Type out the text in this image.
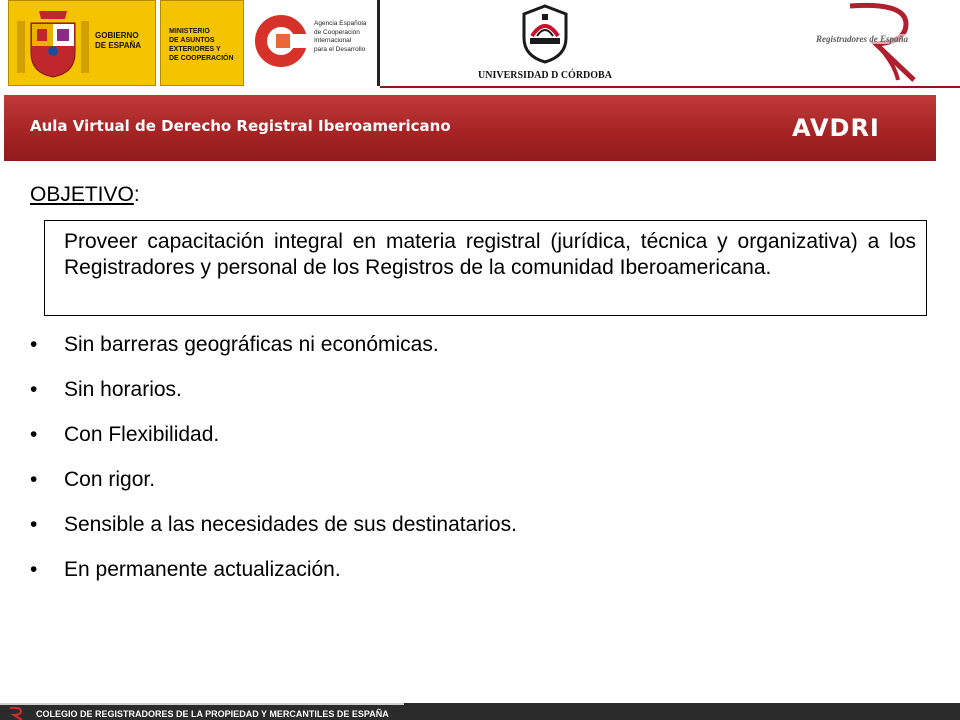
GOBIERNO
DE ESPAÑA
MINISTERIO
DE ASUNTOS
EXTERIORES Y
DE COOPERACIÓN
Agencia Española
de Cooperación
Internacional
para el Desarrollo
UNIVERSIDAD D CÓRDOBA
Registradores de España
Aula Virtual de Derecho Registral Iberoamericano	AVDRI
OBJETIVO:
Proveer capacitación integral en materia registral (jurídica, técnica y organizativa) a los Registradores y personal de los Registros de la comunidad Iberoamericana.
• Sin barreras geográficas ni económicas.
• Sin horarios.
• Con Flexibilidad.
• Con rigor.
• Sensible a las necesidades de sus destinatarios.
• En permanente actualización.
COLEGIO DE REGISTRADORES DE LA PROPIEDAD Y MERCANTILES DE ESPAÑA
